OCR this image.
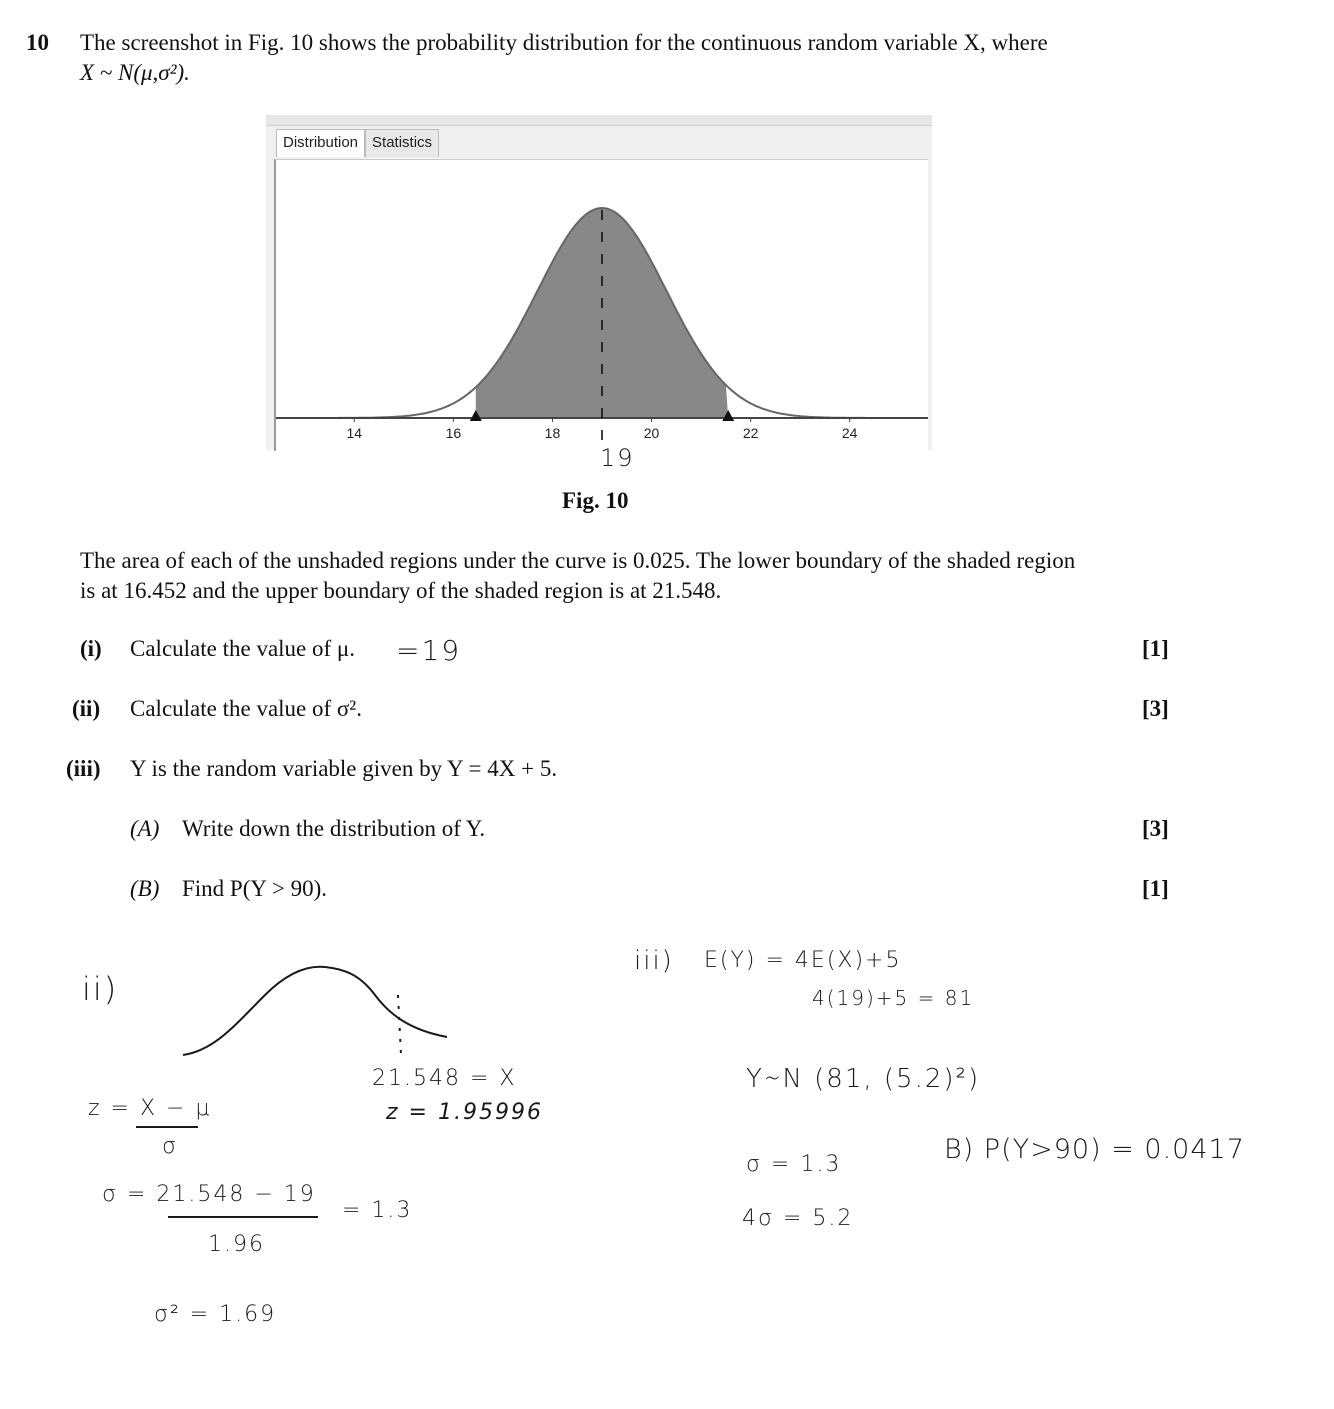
10 The screenshot in Fig. 10 shows the probability distribution for the continuous random variable X, where
X ~ N(μ,σ²).
Distribution Statistics
14	16	18	20	22	24
19
Fig. 10
The area of each of the unshaded regions under the curve is 0.025. The lower boundary of the shaded region
is at 16.452 and the upper boundary of the shaded region is at 21.548.
(i) Calculate the value of μ. =19	[1]
(ii) Calculate the value of σ².	[3]
(iii) Y is the random variable given by Y = 4X + 5.
(A) Write down the distribution of Y.	[3]
(B) Find P(Y > 90).	[1]
ii)
21.548 = X
z = 1.95996
z = X − μ
σ
σ = 21.548 − 19
1.96
= 1.3
σ² = 1.69
iii) E(Y) = 4E(X)+5
4(19)+5 = 81
Y∼N (81, (5.2)²)
σ = 1.3
4σ = 5.2
B) P(Y>90) = 0.0417
